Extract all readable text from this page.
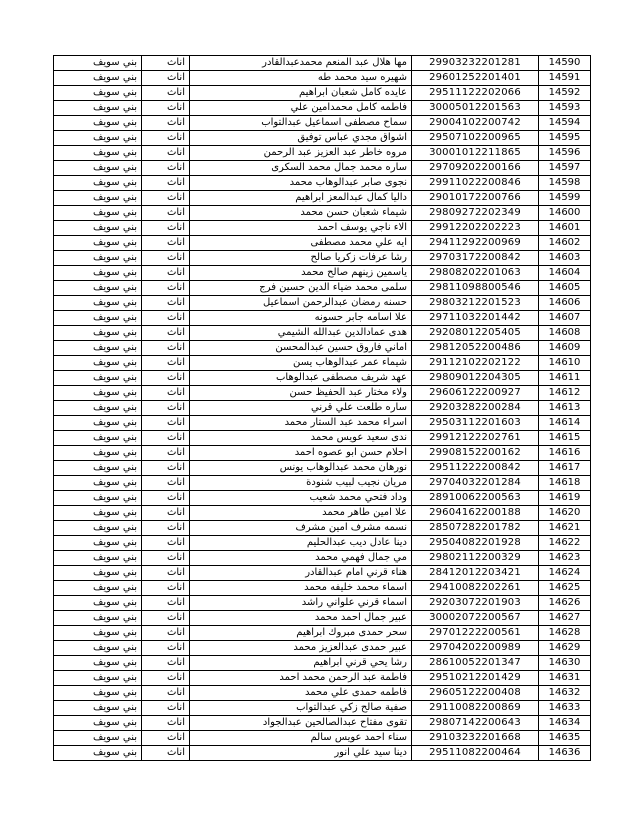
بني سويف	اناث	مها هلال عبد المنعم محمدعبدالقادر	29903232201281	14590
بني سويف	اناث	شهيره سيد محمد طه	29601252201401	14591
بني سويف	اناث	عايده كامل شعبان ابراهيم	29511122202066	14592
بني سويف	اناث	فاطمه كامل محمدامين علي	30005012201563	14593
بني سويف	اناث	سماح مصطفى اسماعيل عبدالتواب	29004102200742	14594
بني سويف	اناث	اشواق مجدي عباس توفيق	29507102200965	14595
بني سويف	اناث	مروه خاطر عبد العزيز عبد الرحمن	30001012211865	14596
بني سويف	اناث	ساره محمد جمال محمد السكرى	29709202200166	14597
بني سويف	اناث	نجوى صابر عبدالوهاب محمد	29911022200846	14598
بني سويف	اناث	داليا كمال عبدالمعز ابراهيم	29010172200766	14599
بني سويف	اناث	شيماء شعبان حسن محمد	29809272202349	14600
بني سويف	اناث	الاء ناجي يوسف احمد	29912202202223	14601
بني سويف	اناث	ايه علي محمد مصطفى	29411292200969	14602
بني سويف	اناث	رشا عرفات زكريا صالح	29703172200842	14603
بني سويف	اناث	ياسمين زينهم صالح محمد	29808202201063	14604
بني سويف	اناث	سلمى محمد ضياء الدين حسين فرج	29811098800546	14605
بني سويف	اناث	حسنه رمضان عبدالرحمن اسماعيل	29803212201523	14606
بني سويف	اناث	علا اسامه جابر حسونه	29711032201442	14607
بني سويف	اناث	هدى عمادالدين عبدالله الشيمي	29208012205405	14608
بني سويف	اناث	اماني فاروق حسين عبدالمحسن	29812052200486	14609
بني سويف	اناث	شيماء عمر عبدالوهاب يسن	29112102202122	14610
بني سويف	اناث	عهد شريف مصطفى عبدالوهاب	29809012204305	14611
بني سويف	اناث	ولاء مختار عبد الحفيظ حسن	29606122200927	14612
بني سويف	اناث	ساره طلعت علي قرني	29203282200284	14613
بني سويف	اناث	اسراء محمد عبد الستار محمد	29503112201603	14614
بني سويف	اناث	ندى سعيد عويس محمد	29912122202761	14615
بني سويف	اناث	احلام حسن ابو عصوه احمد	29908152200162	14616
بني سويف	اناث	نورهان محمد عبدالوهاب يونس	29511222200842	14617
بني سويف	اناث	مريان نجيب لبيب شنودة	29704032201284	14618
بني سويف	اناث	وداد فتحي محمد شعيب	28910062200563	14619
بني سويف	اناث	علا امين طاهر محمد	29604162200188	14620
بني سويف	اناث	نسمه مشرف امين مشرف	28507282201782	14621
بني سويف	اناث	دينا عادل ديب عبدالحليم	29504082201928	14622
بني سويف	اناث	مي جمال فهمي محمد	29802112200329	14623
بني سويف	اناث	هناء قرني امام عبدالقادر	28412012203421	14624
بني سويف	اناث	اسماء محمد خليفه محمد	29410082202261	14625
بني سويف	اناث	اسماء قرني علواني راشد	29203072201903	14626
بني سويف	اناث	عبير جمال احمد محمد	30002072200567	14627
بني سويف	اناث	سحر حمدى مبروك ابراهيم	29701222200561	14628
بني سويف	اناث	عبير حمدى عبدالعزيز محمد	29704202200989	14629
بني سويف	اناث	رشا يحي قرني ابراهيم	28610052201347	14630
بني سويف	اناث	فاطمة عبد الرحمن محمد احمد	29510212201429	14631
بني سويف	اناث	فاطمه حمدى علي محمد	29605122200408	14632
بني سويف	اناث	صفية صالح زكي عبدالتواب	29110082200869	14633
بني سويف	اناث	تقوى مفتاح عبدالصالحين عبدالجواد	29807142200643	14634
بني سويف	اناث	سناء احمد عويس سالم	29103232201668	14635
بني سويف	اناث	دينا سيد علي انور	29511082200464	14636
